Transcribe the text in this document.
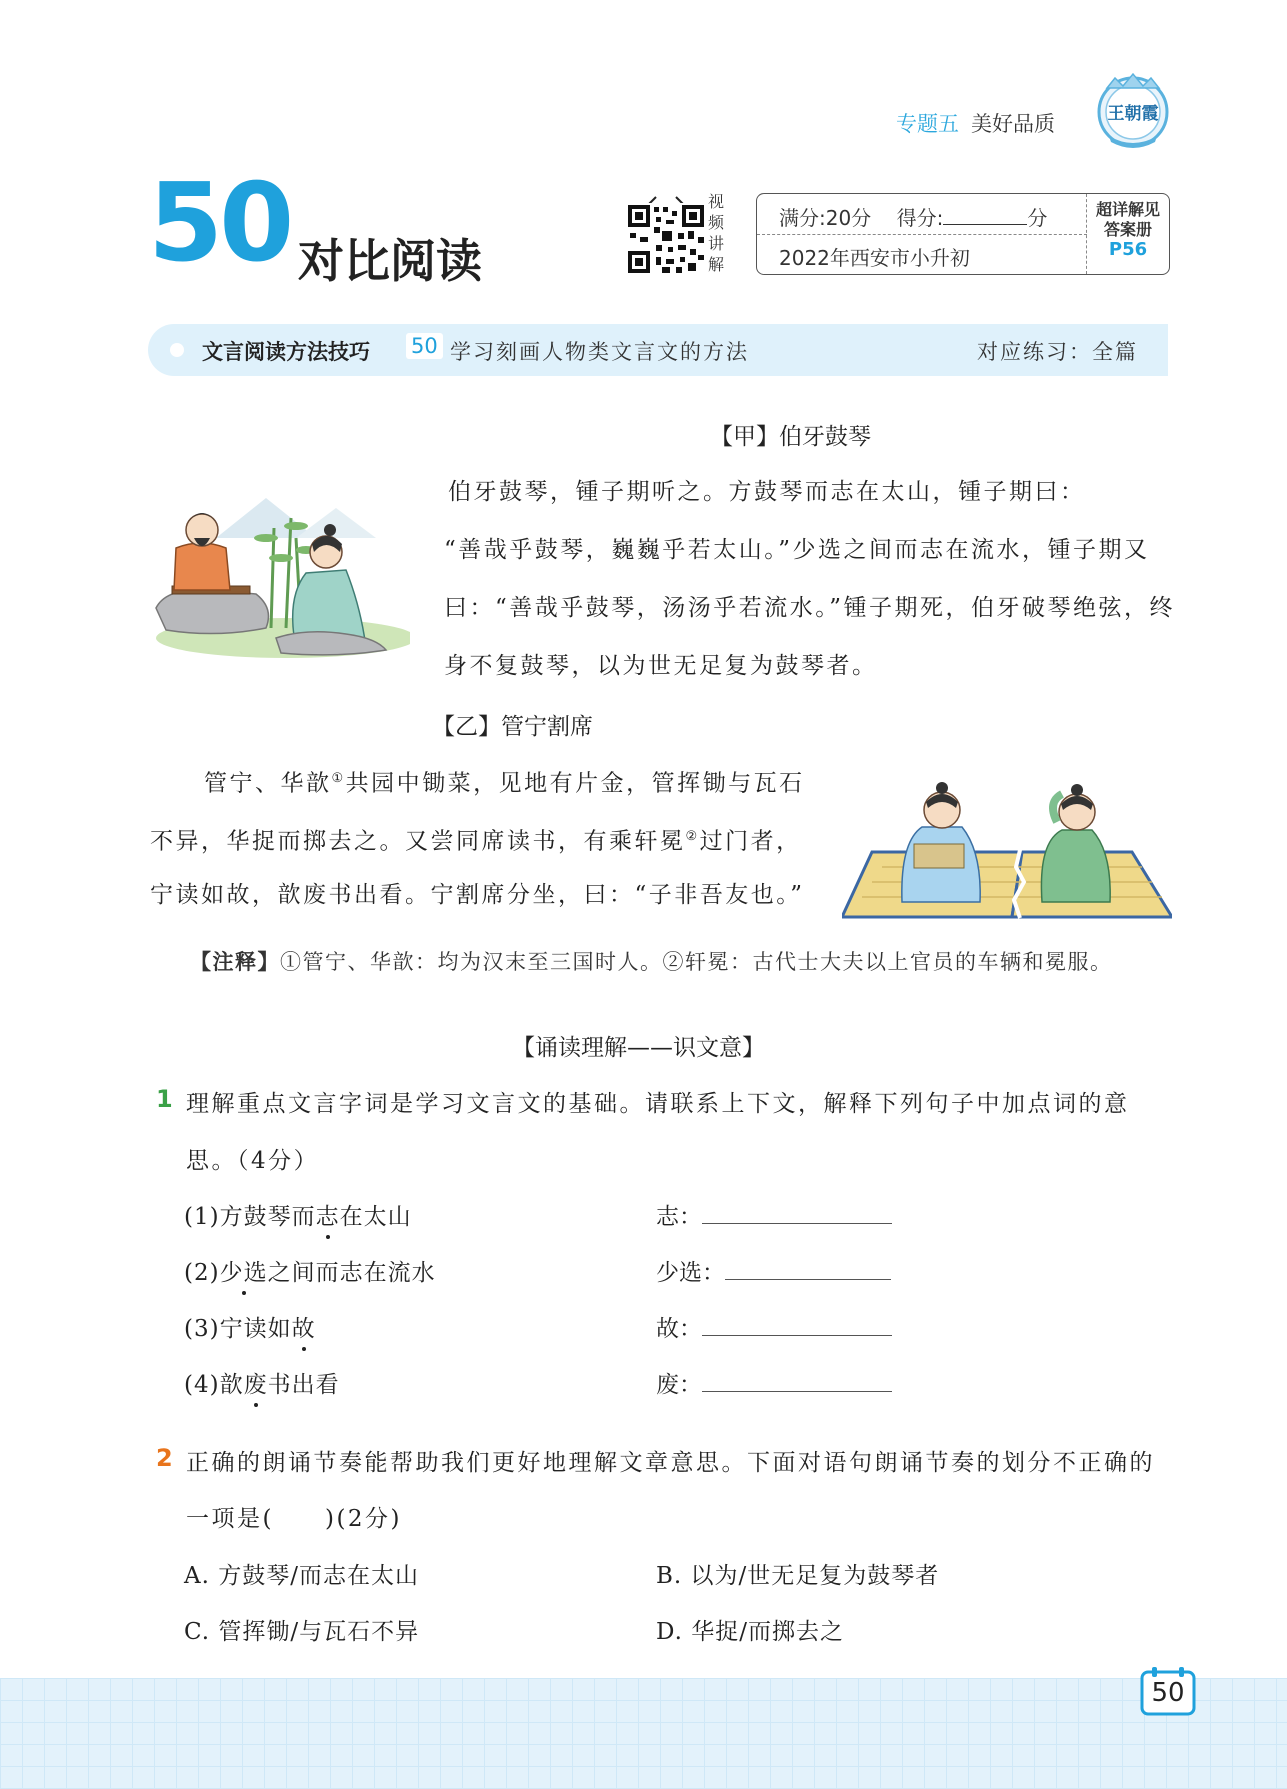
专题五 美好品质	王朝霞
50 对比阅读
视
频
讲
解
满分:20分 得分:	分
2022年西安市小升初
超详解见
答案册
P56
文言阅读方法技巧 50 学习刻画人物类文言文的方法	对应练习：全篇
【甲】伯牙鼓琴
伯牙鼓琴，锺子期听之。方鼓琴而志在太山，锺子期曰：
“善哉乎鼓琴，巍巍乎若太山。”少选之间而志在流水，锺子期又
曰：“善哉乎鼓琴，汤汤乎若流水。”锺子期死，伯牙破琴绝弦，终
身不复鼓琴，以为世无足复为鼓琴者。
【乙】管宁割席
管宁、华歆①共园中锄菜，见地有片金，管挥锄与瓦石
不异，华捉而掷去之。又尝同席读书，有乘轩冕②过门者，
宁读如故，歆废书出看。宁割席分坐，曰：“子非吾友也。”
【注释】①管宁、华歆：均为汉末至三国时人。②轩冕：古代士大夫以上官员的车辆和冕服。
【诵读理解——识文意】
1 理解重点文言字词是学习文言文的基础。请联系上下文，解释下列句子中加点词的意
思。（4分）
(1)方鼓琴而志在太山	志：
(2)少选之间而志在流水	少选：
(3)宁读如故	故：
(4)歆废书出看	废：
2 正确的朗诵节奏能帮助我们更好地理解文章意思。下面对语句朗诵节奏的划分不正确的
一项是(　　)(2分)
A. 方鼓琴/而志在太山	B. 以为/世无足复为鼓琴者
C. 管挥锄/与瓦石不异	D. 华捉/而掷去之
50
